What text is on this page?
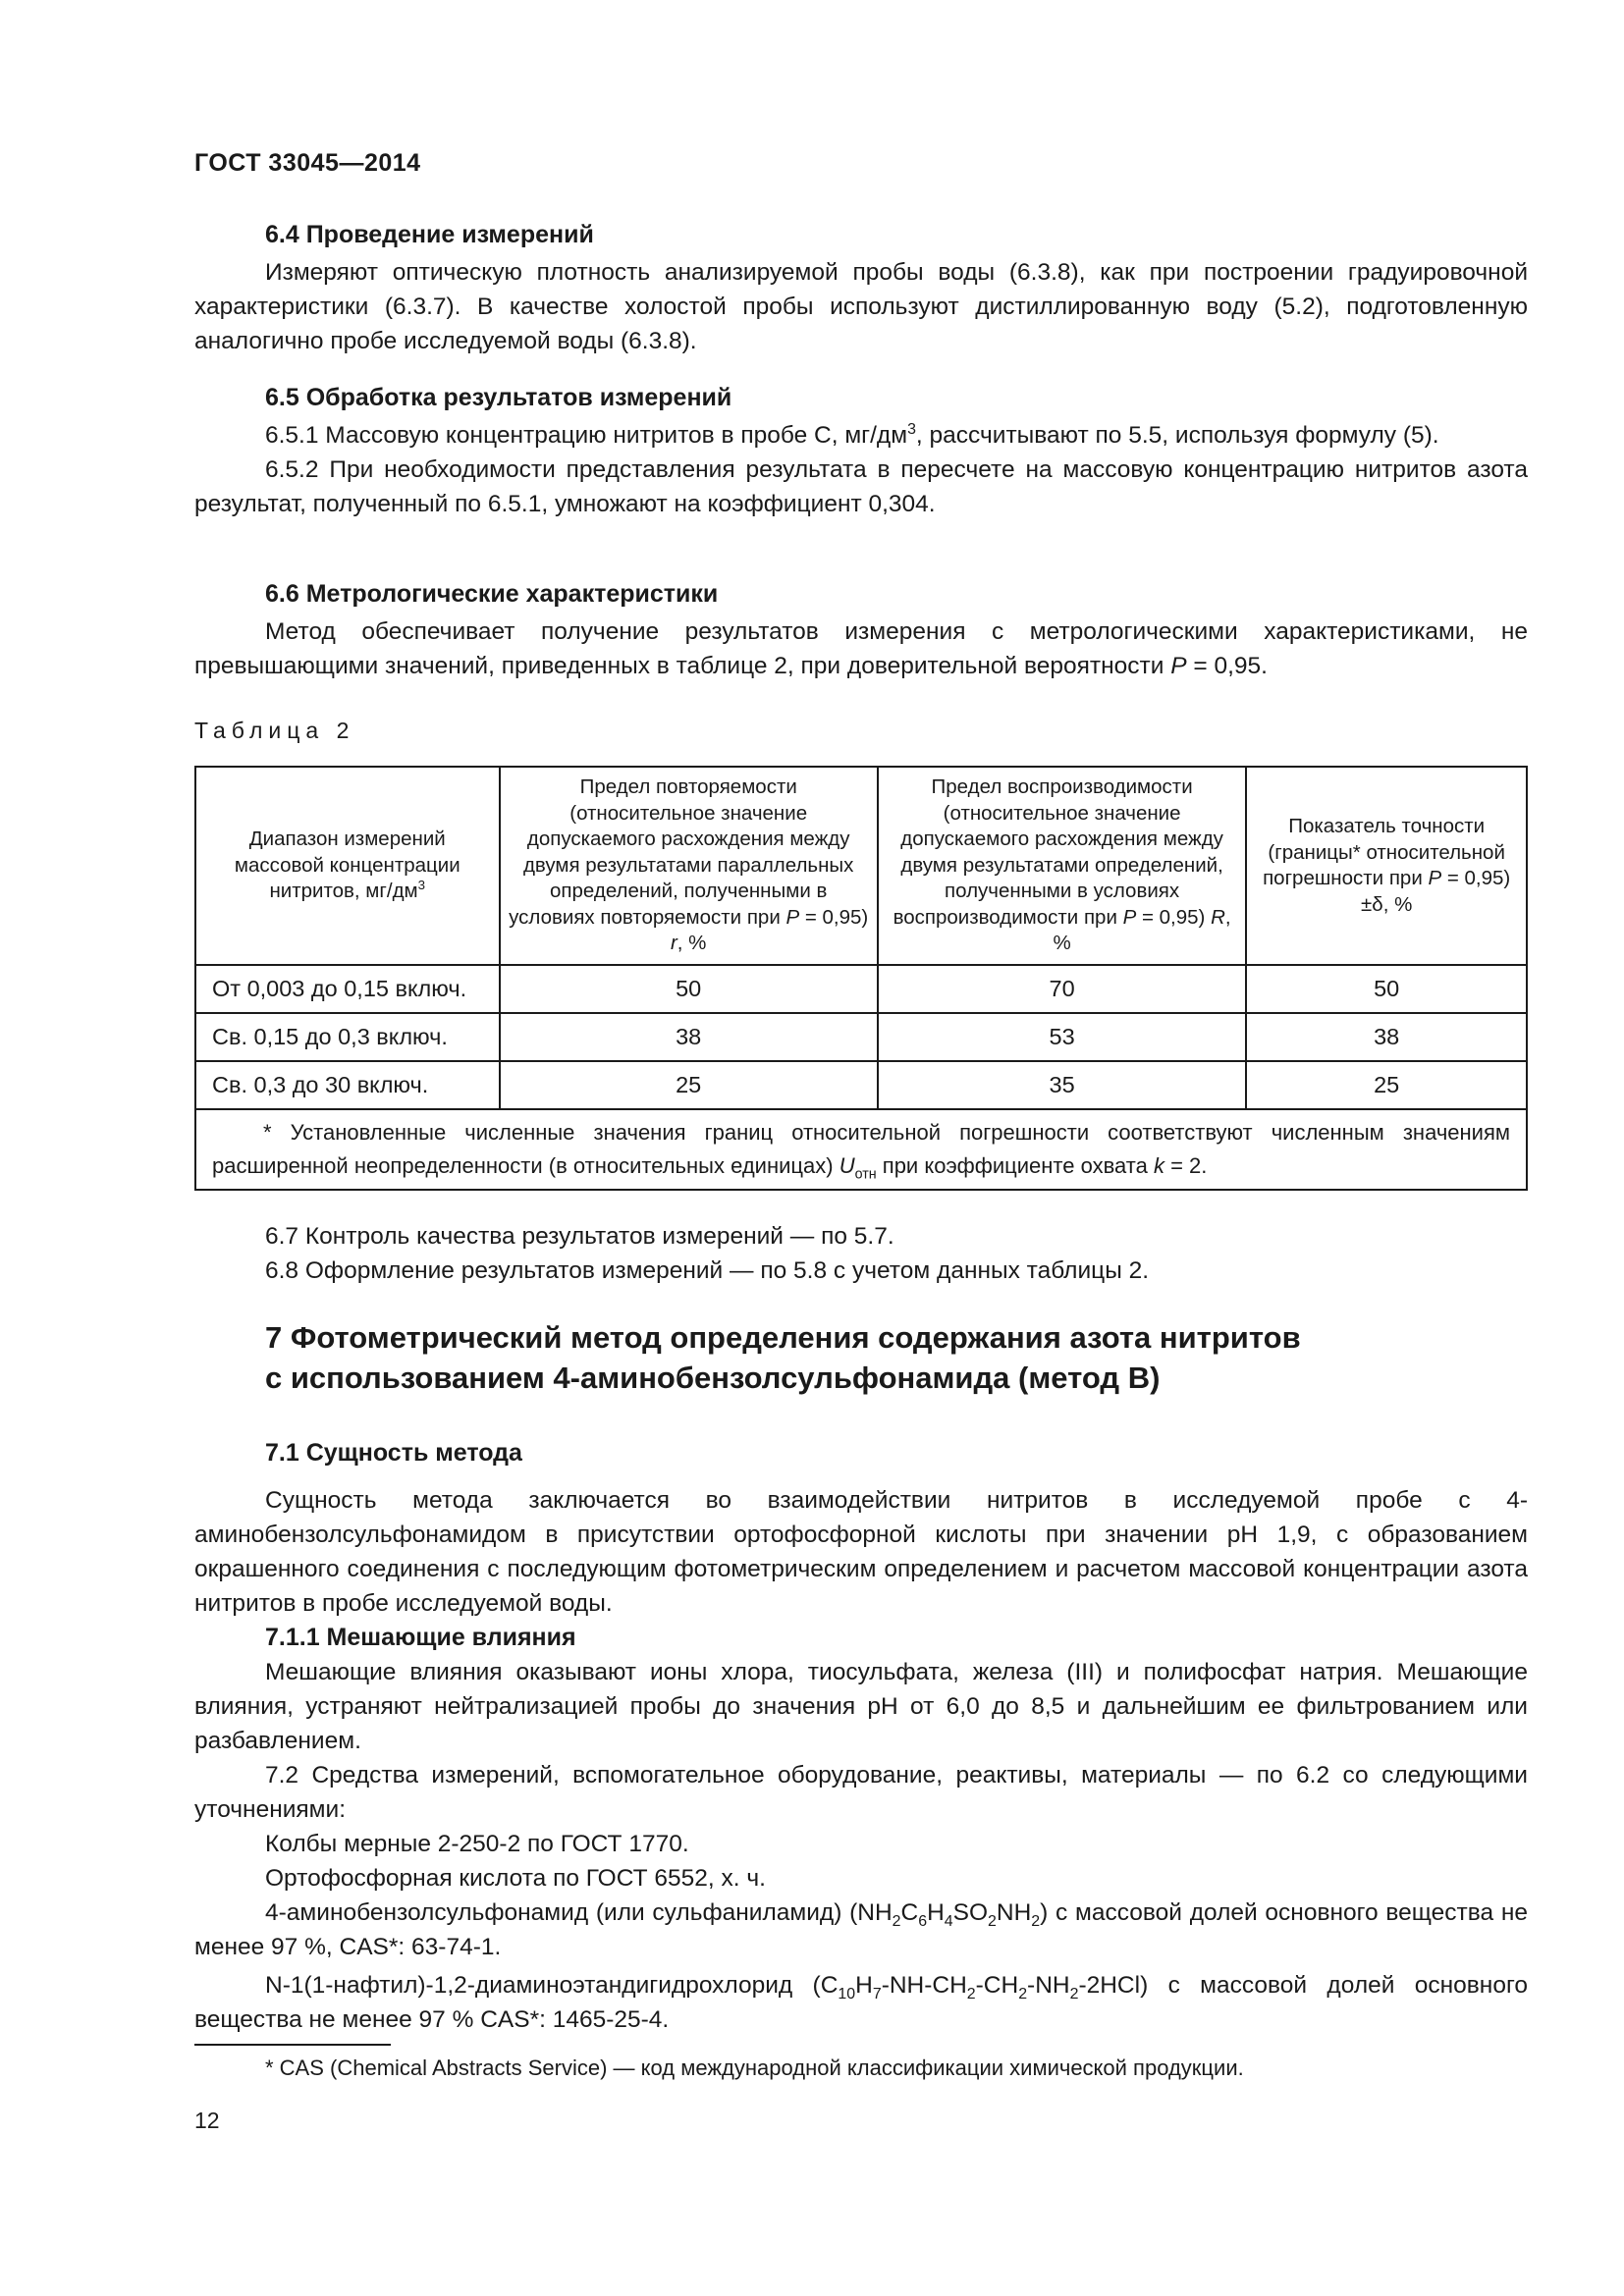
ГОСТ 33045—2014
6.4 Проведение измерений

Измеряют оптическую плотность анализируемой пробы воды (6.3.8), как при построении градуировочной характеристики (6.3.7). В качестве холостой пробы используют дистиллированную воду (5.2), подготовленную аналогично пробе исследуемой воды (6.3.8).

6.5 Обработка результатов измерений

6.5.1 Массовую концентрацию нитритов в пробе С, $мг/дм^3$, рассчитывают по 5.5, используя формулу (5).

6.5.2 При необходимости представления результата в пересчете на массовую концентрацию нитритов азота результат, полученный по 6.5.1, умножают на коэффициент 0,304.

6.6 Метрологические характеристики

Метод обеспечивает получение результатов измерения с метрологическими характеристиками, не превышающими значений, приведенных в таблице 2, при доверительной вероятности P = 0,95.

Таблица 2
Диапазон измерений массовой концентрации нитритов, $мг/дм^3$	Предел повторяемости (относительное значение допускаемого расхождения между двумя результатами параллельных определений, полученными в условиях повторяемости при P = 0,95) r, %	Предел воспроизводимости (относительное значение допускаемого расхождения между двумя результатами определений, полученными в условиях воспроизводимости при P = 0,95) R, %	Показатель точности (границы* относительной погрешности при P = 0,95) ±δ, %
От 0,003 до 0,15 включ.	50	70	50
Св. 0,15 до 0,3 включ.	38	53	38
Св. 0,3 до 30 включ.	25	35	25
* Установленные численные значения границ относительной погрешности соответствуют численным значениям расширенной неопределенности (в относительных единицах) $U_{отн}$ при коэффициенте охвата k = 2.			

6.7 Контроль качества результатов измерений — по 5.7.

6.8 Оформление результатов измерений — по 5.8 с учетом данных таблицы 2.

7 Фотометрический метод определения содержания азота нитритов
с использованием 4-аминобензолсульфонамида (метод В)
7.1 Сущность метода

Сущность метода заключается во взаимодействии нитритов в исследуемой пробе с 4-аминобензолсульфонамидом в присутствии ортофосфорной кислоты при значении pH 1,9, с образованием окрашенного соединения с последующим фотометрическим определением и расчетом массовой концентрации азота нитритов в пробе исследуемой воды.

7.1.1 Мешающие влияния

Мешающие влияния оказывают ионы хлора, тиосульфата, железа (III) и полифосфат натрия. Мешающие влияния, устраняют нейтрализацией пробы до значения pH от 6,0 до 8,5 и дальнейшим ее фильтрованием или разбавлением.

7.2 Средства измерений, вспомогательное оборудование, реактивы, материалы — по 6.2 со следующими уточнениями:

Колбы мерные 2-250-2 по ГОСТ 1770.

Ортофосфорная кислота по ГОСТ 6552, х. ч.

4-аминобензолсульфонамид (или сульфаниламид) $(NH_2C_6H_4SO_2NH_2)$ с массовой долей основного вещества не менее 97 %, CAS*: 63-74-1.

N-1(1-нафтил)-1,2-диаминоэтандигидрохлорид $(C_{10}H_7-NH-CH_2-CH_2-NH_2-2HCl)$ с массовой долей основного вещества не менее 97 % CAS*: 1465-25-4.

* CAS (Chemical Abstracts Service) — код международной классификации химической продукции.
12
